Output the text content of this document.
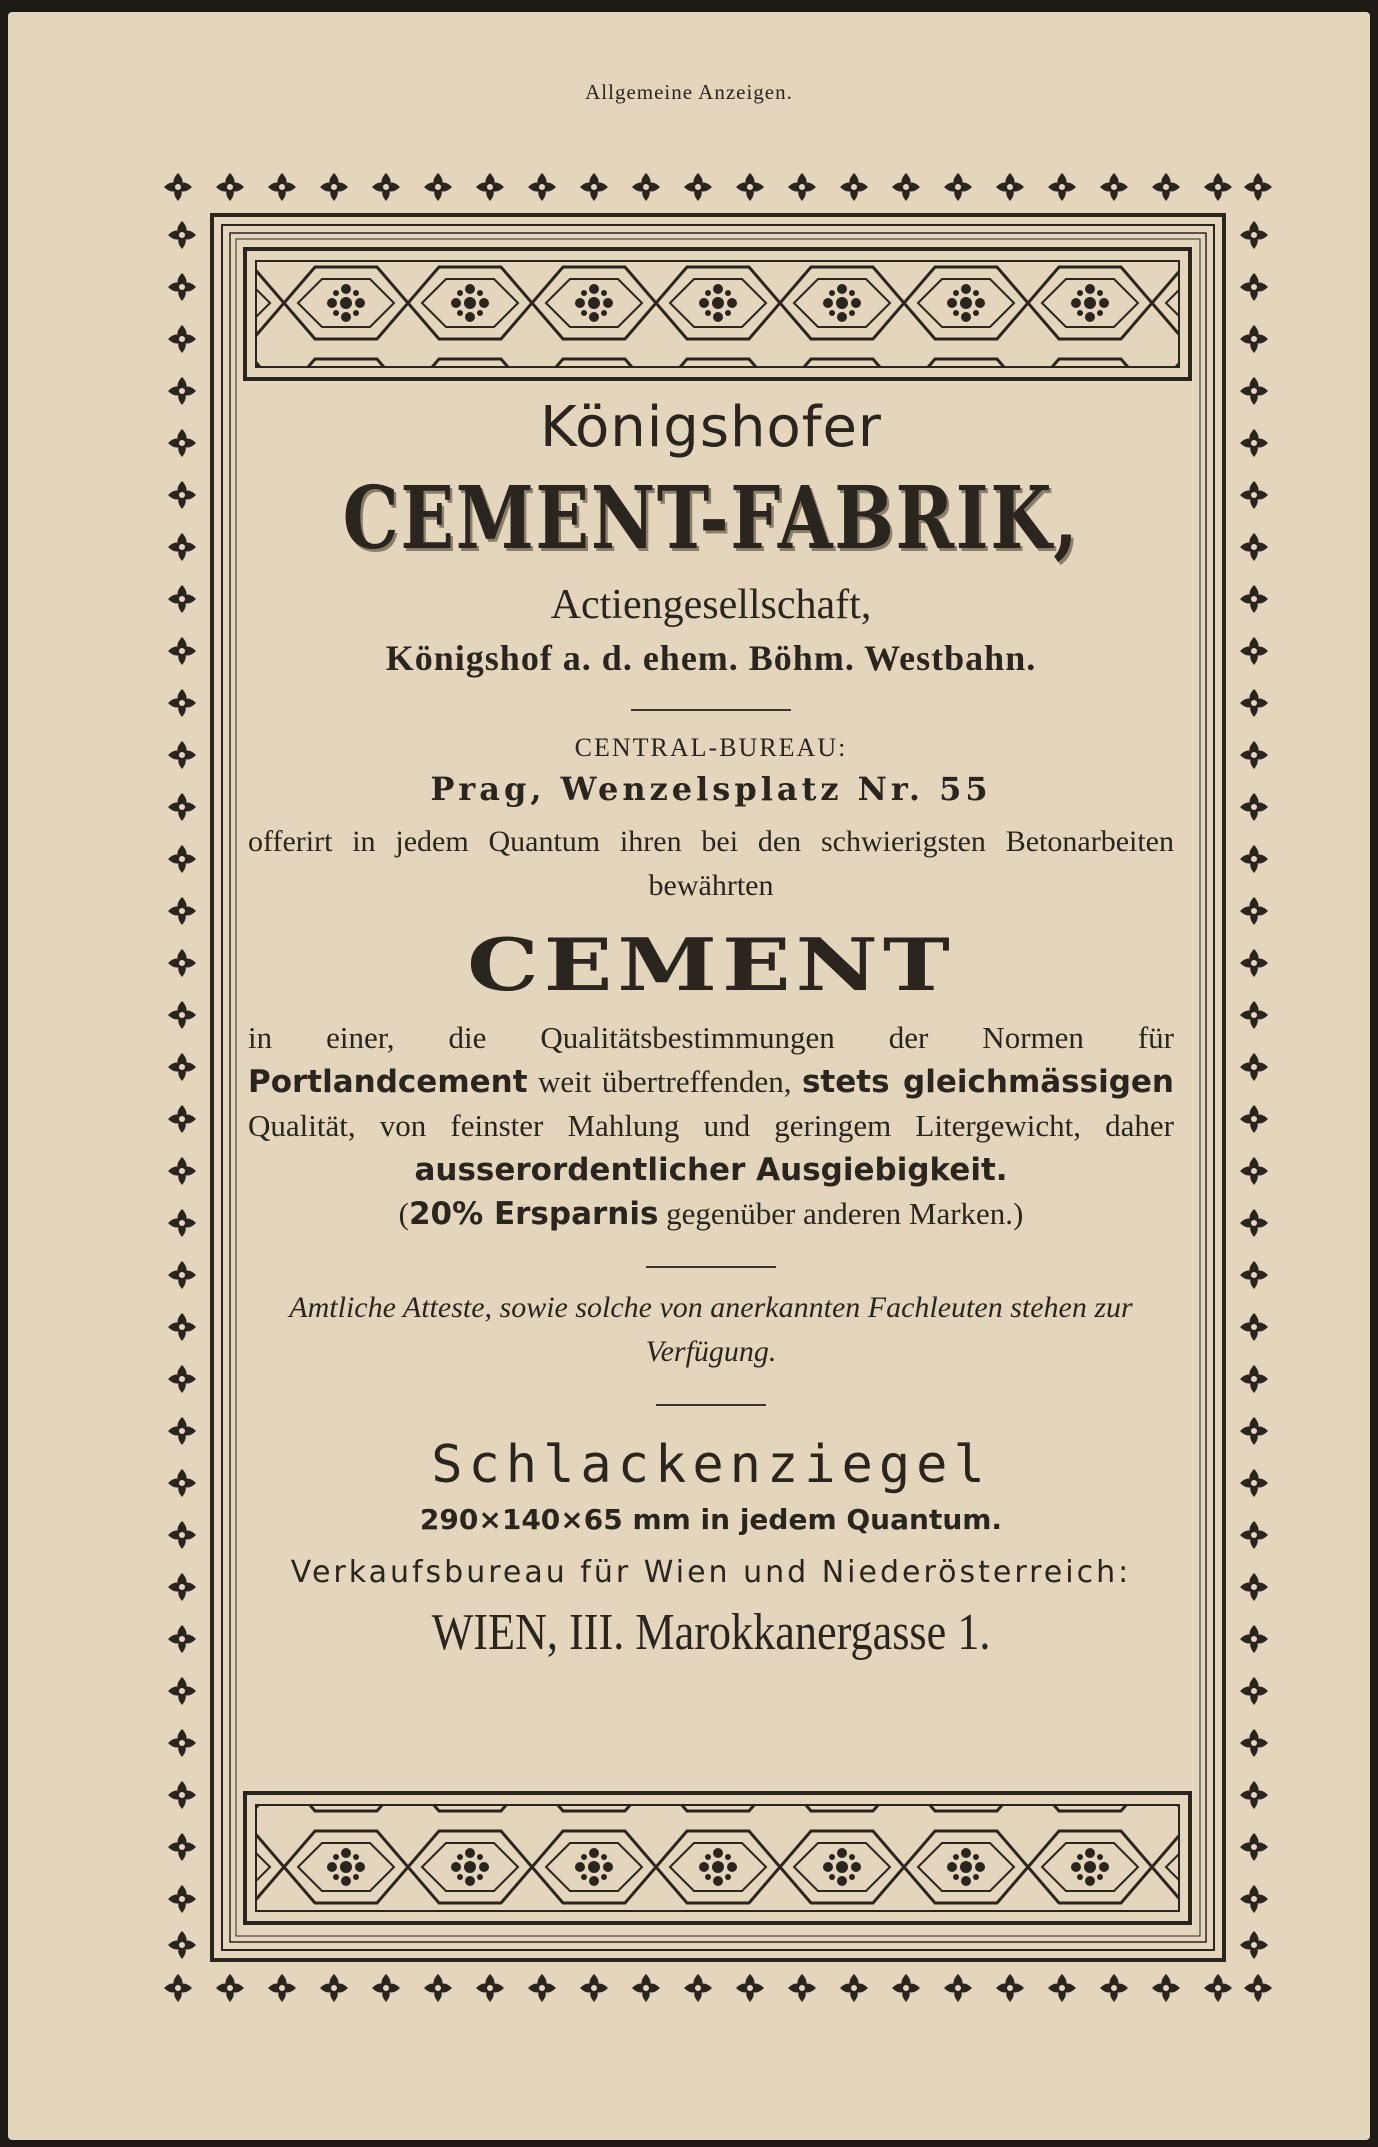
Allgemeine Anzeigen.

Königshofer

CEMENT-FABRIK,

Actiengesellschaft,

Königshof a. d. ehem. Böhm. Westbahn.

CENTRAL-BUREAU:

Prag, Wenzelsplatz Nr. 55

offerirt in jedem Quantum ihren bei den schwierigsten Betonarbeiten bewährten

CEMENT

in einer, die Qualitätsbestimmungen der Normen für Portlandcement weit übertreffenden, stets gleichmässigen Qualität, von feinster Mahlung und geringem Litergewicht, daher ausserordentlicher Ausgiebigkeit.
(20% Ersparnis gegenüber anderen Marken.)

Amtliche Atteste, sowie solche von anerkannten Fachleuten stehen zur Verfügung.

Schlackenziegel

290×140×65 mm in jedem Quantum.

Verkaufsbureau für Wien und Niederösterreich:

WIEN, III. Marokkanergasse 1.
